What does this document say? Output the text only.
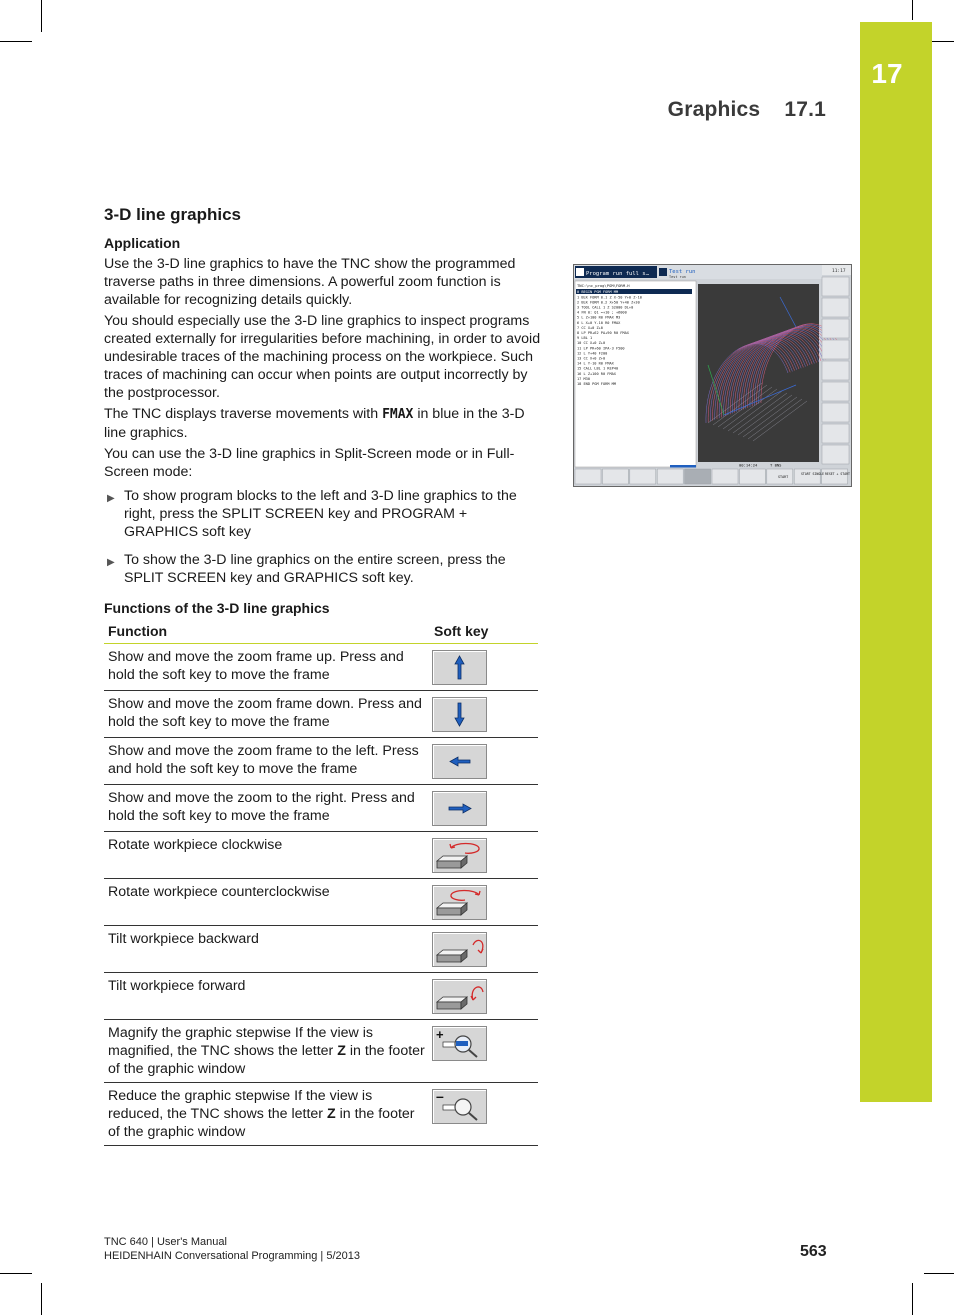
17
Graphics 17.1
3-D line graphics
Application

Use the 3-D line graphics to have the TNC show the programmed traverse paths in three dimensions. A powerful zoom function is available for recognizing details quickly.

You should especially use the 3-D line graphics to inspect programs created externally for irregularities before machining, in order to avoid undesirable traces of the machining process on the workpiece. Such traces of machining can occur when points are output incorrectly by the postprocessor.

The TNC displays traverse movements with FMAX in blue in the 3-D line graphics.

You can use the 3-D line graphics in Split-Screen mode or in Full-Screen mode:

▶ To show program blocks to the left and 3-D line graphics to the right, press the SPLIT SCREEN key and PROGRAM + GRAPHICS soft key
▶ To show the 3-D line graphics on the entire screen, press the SPLIT SCREEN key and GRAPHICS soft key.
Functions of the 3-D line graphics
Function	Soft key
Show and move the zoom frame up. Press and hold the soft key to move the frame	

Show and move the zoom frame down. Press and hold the soft key to move the frame	

Show and move the zoom frame to the left. Press and hold the soft key to move the frame	

Show and move the zoom to the right. Press and hold the soft key to move the frame	

Rotate workpiece clockwise	

Rotate workpiece counterclockwise	

Tilt workpiece backward	

Tilt workpiece forward	

Magnify the graphic stepwise If the view is magnified, the TNC shows the letter Z in the footer of the graphic window	+

Reduce the graphic stepwise If the view is reduced, the TNC shows the letter Z in the footer of the graphic window	–
Program run full s…	Test run
Test run
11:17
TNC:\nc_prog\PGM\FORM.H
0 BEGIN PGM FORM MM
1 BLK FORM 0.1 Z X-50 Y+0 Z-10
2 BLK FORM 0.2 X+50 Y+40 Z+30
3 TOOL CALL 1 Z S2000 DL+0
4 FN 0: Q1 =+10 ; +6000
5 L Z+100 R0 FMAX M3
6 L X+0 Y-10 R0 FMAX
7 CC X+0 Z+0
8 LP PR+62 PA+90 R0 FMAX
9 LBL 1
10 CC X+0 Z+0
11 LP PR+60 IPA-3 F500
12 L Y+40 F200
13 CC X+0 Z+0
14 L Y-10 R0 FMAX
15 CALL LBL 1 REP40
16 L Z+100 R0 FMAX
17 M30
18 END PGM FORM MM
00:14:24	T BNS
START
START SINGLE RESET + START
TNC 640 | User's Manual
HEIDENHAIN Conversational Programming | 5/2013	563
